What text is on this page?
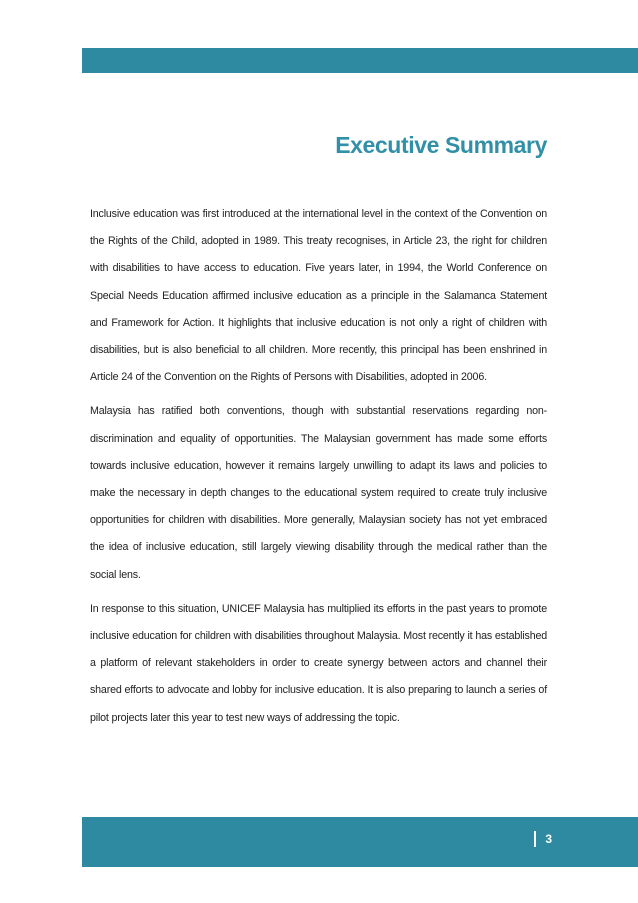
Executive Summary

Inclusive education was first introduced at the international level in the context of the Convention on the Rights of the Child, adopted in 1989. This treaty recognises, in Article 23, the right for children with disabilities to have access to education. Five years later, in 1994, the World Conference on Special Needs Education affirmed inclusive education as a principle in the Salamanca Statement and Framework for Action. It highlights that inclusive education is not only a right of children with disabilities, but is also beneficial to all children. More recently, this principal has been enshrined in Article 24 of the Convention on the Rights of Persons with Disabilities, adopted in 2006.

Malaysia has ratified both conventions, though with substantial reservations regarding non-discrimination and equality of opportunities. The Malaysian government has made some efforts towards inclusive education, however it remains largely unwilling to adapt its laws and policies to make the necessary in depth changes to the educational system required to create truly inclusive opportunities for children with disabilities. More generally, Malaysian society has not yet embraced the idea of inclusive education, still largely viewing disability through the medical rather than the social lens.

In response to this situation, UNICEF Malaysia has multiplied its efforts in the past years to promote inclusive education for children with disabilities throughout Malaysia. Most recently it has established a platform of relevant stakeholders in order to create synergy between actors and channel their shared efforts to advocate and lobby for inclusive education. It is also preparing to launch a series of pilot projects later this year to test new ways of addressing the topic.

3
